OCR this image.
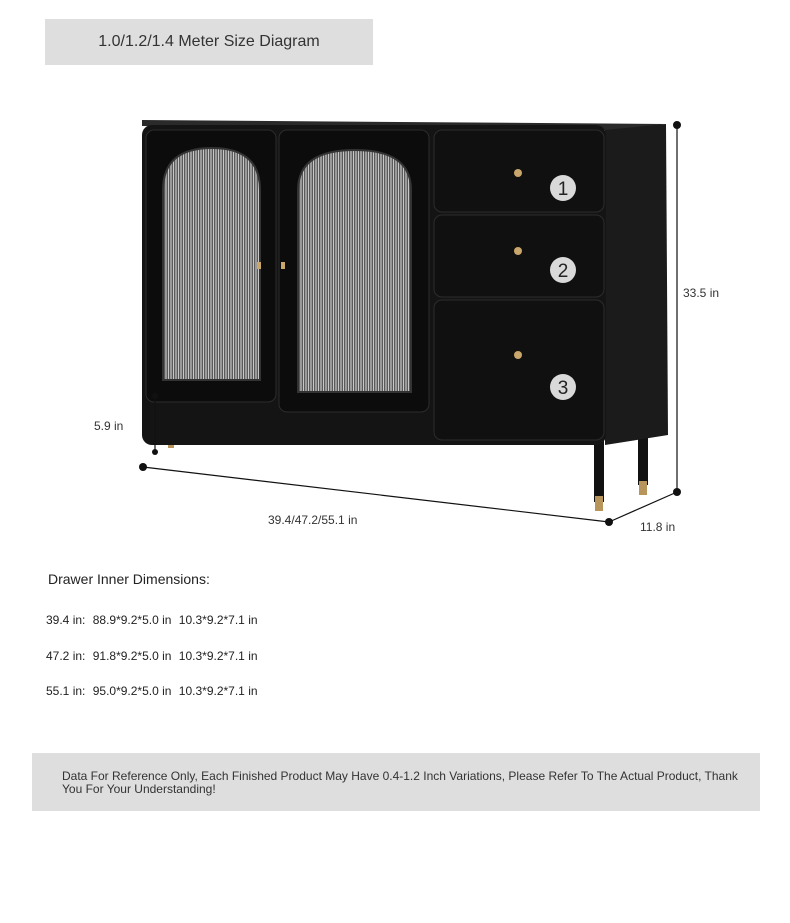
1.0/1.2/1.4 Meter Size Diagram
1
2
3
33.5 in
5.9 in
39.4/47.2/55.1 in	11.8 in
Drawer Inner Dimensions:
39.4 in: 88.9*9.2*5.0 in 10.3*9.2*7.1 in
47.2 in: 91.8*9.2*5.0 in 10.3*9.2*7.1 in
55.1 in: 95.0*9.2*5.0 in 10.3*9.2*7.1 in
Data For Reference Only, Each Finished Product May Have 0.4-1.2 Inch Variations, Please Refer To The Actual Product, Thank You For Your Understanding!
